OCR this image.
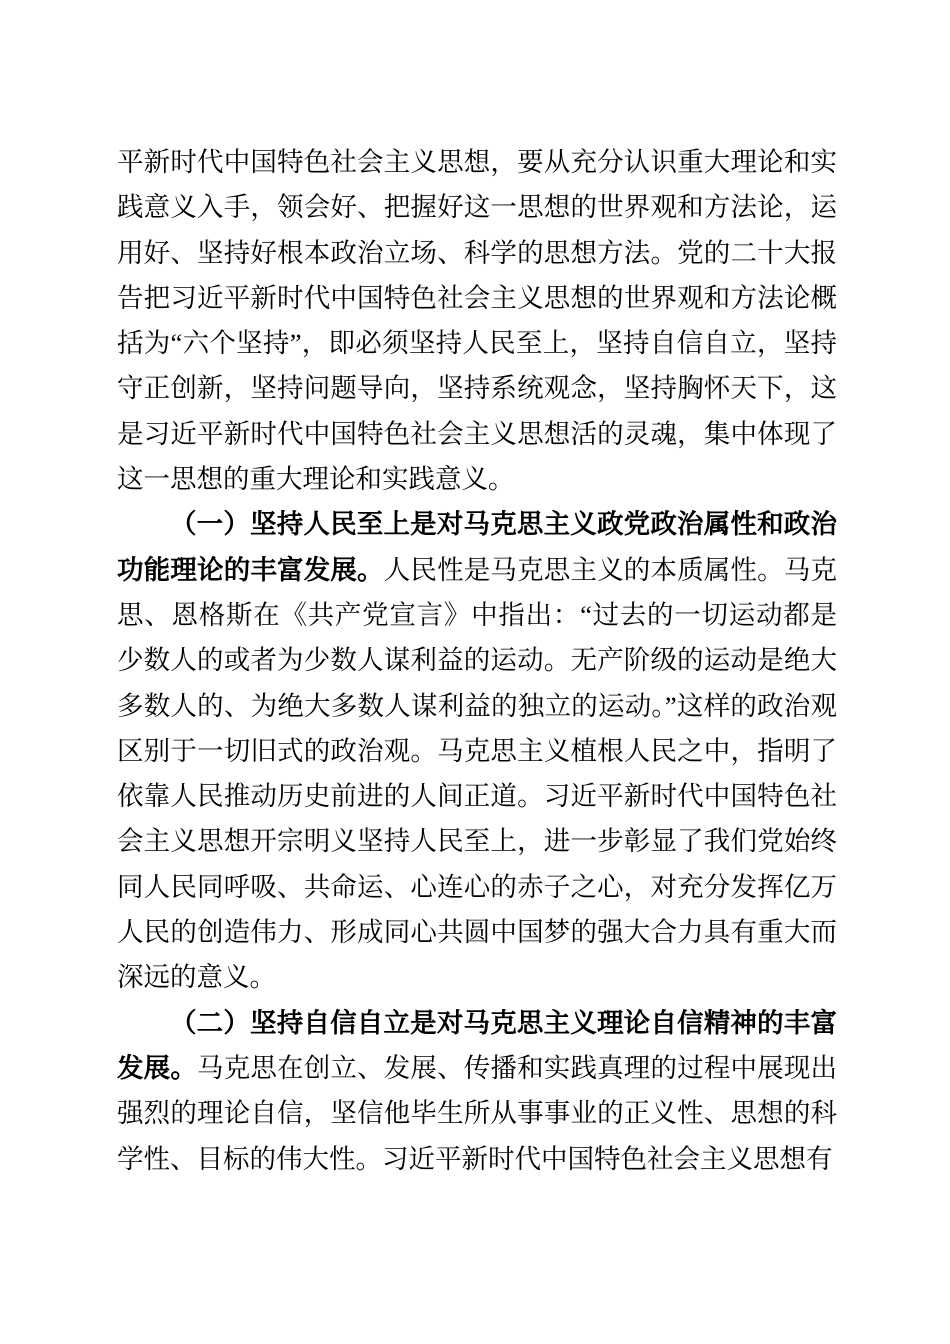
平新时代中国特色社会主义思想，要从充分认识重大理论和实践意义入手，领会好、把握好这一思想的世界观和方法论，运用好、坚持好根本政治立场、科学的思想方法。党的二十大报告把习近平新时代中国特色社会主义思想的世界观和方法论概括为“六个坚持”，即必须坚持人民至上，坚持自信自立，坚持守正创新，坚持问题导向，坚持系统观念，坚持胸怀天下，这是习近平新时代中国特色社会主义思想活的灵魂，集中体现了这一思想的重大理论和实践意义。

（一）坚持人民至上是对马克思主义政党政治属性和政治功能理论的丰富发展。人民性是马克思主义的本质属性。马克思、恩格斯在《共产党宣言》中指出：“过去的一切运动都是少数人的或者为少数人谋利益的运动。无产阶级的运动是绝大多数人的、为绝大多数人谋利益的独立的运动。”这样的政治观区别于一切旧式的政治观。马克思主义植根人民之中，指明了依靠人民推动历史前进的人间正道。习近平新时代中国特色社会主义思想开宗明义坚持人民至上，进一步彰显了我们党始终同人民同呼吸、共命运、心连心的赤子之心，对充分发挥亿万人民的创造伟力、形成同心共圆中国梦的强大合力具有重大而深远的意义。

（二）坚持自信自立是对马克思主义理论自信精神的丰富发展。马克思在创立、发展、传播和实践真理的过程中展现出强烈的理论自信，坚信他毕生所从事事业的正义性、思想的科学性、目标的伟大性。习近平新时代中国特色社会主义思想有
